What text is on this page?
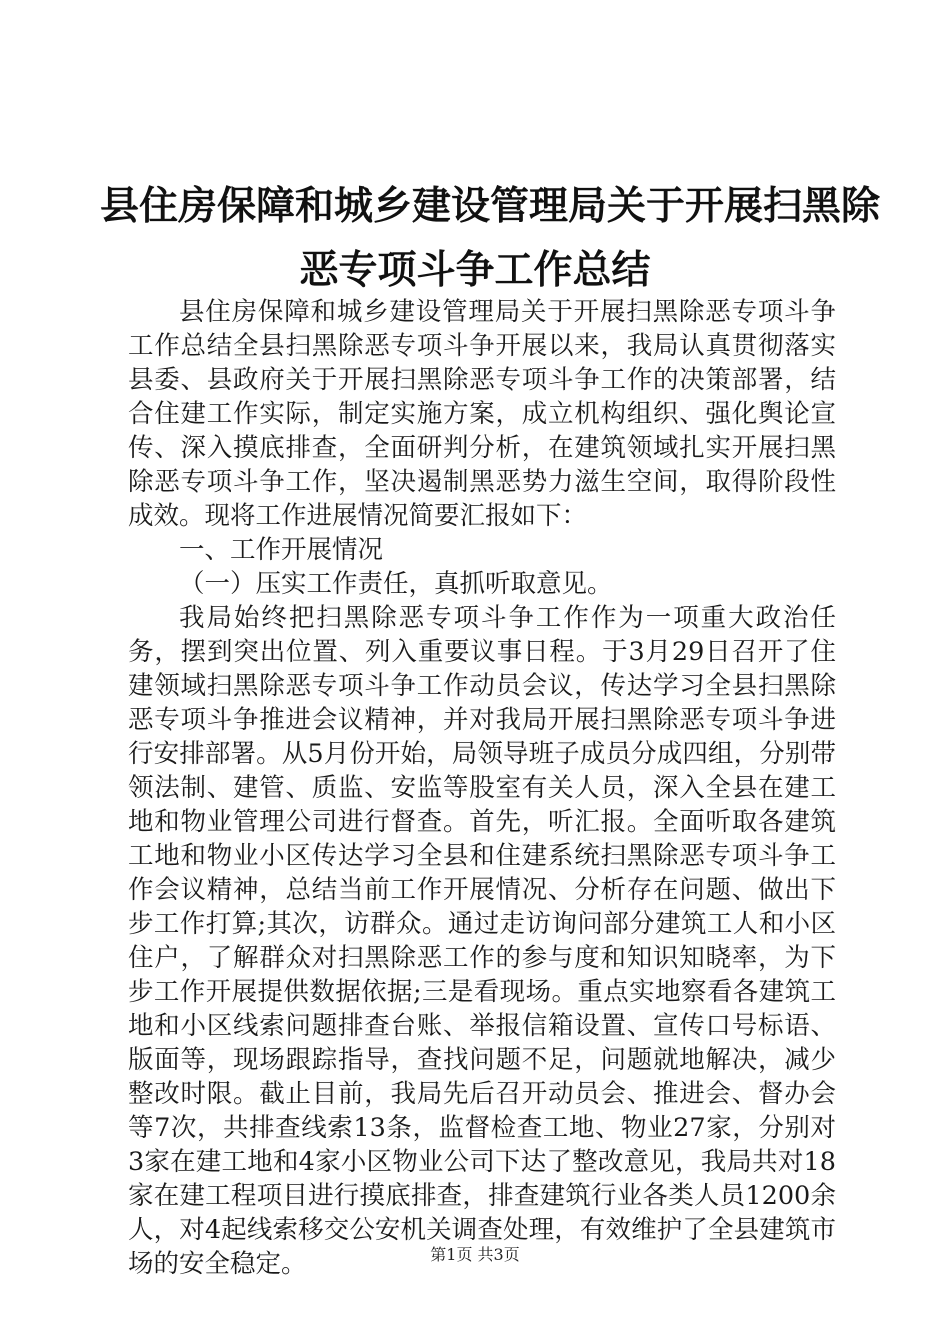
县住房保障和城乡建设管理局关于开展扫黑除
恶专项斗争工作总结

县住房保障和城乡建设管理局关于开展扫黑除恶专项斗争工作总结全县扫黑除恶专项斗争开展以来，我局认真贯彻落实县委、县政府关于开展扫黑除恶专项斗争工作的决策部署，结合住建工作实际，制定实施方案，成立机构组织、强化舆论宣传、深入摸底排查，全面研判分析，在建筑领域扎实开展扫黑除恶专项斗争工作，坚决遏制黑恶势力滋生空间，取得阶段性成效。现将工作进展情况简要汇报如下：

一、工作开展情况

（一）压实工作责任，真抓听取意见。

我局始终把扫黑除恶专项斗争工作作为一项重大政治任务，摆到突出位置、列入重要议事日程。于3月29日召开了住建领域扫黑除恶专项斗争工作动员会议，传达学习全县扫黑除恶专项斗争推进会议精神，并对我局开展扫黑除恶专项斗争进行安排部署。从5月份开始，局领导班子成员分成四组，分别带领法制、建管、质监、安监等股室有关人员，深入全县在建工地和物业管理公司进行督查。首先，听汇报。全面听取各建筑工地和物业小区传达学习全县和住建系统扫黑除恶专项斗争工作会议精神，总结当前工作开展情况、分析存在问题、做出下步工作打算;其次，访群众。通过走访询问部分建筑工人和小区住户，了解群众对扫黑除恶工作的参与度和知识知晓率，为下步工作开展提供数据依据;三是看现场。重点实地察看各建筑工地和小区线索问题排查台账、举报信箱设置、宣传口号标语、版面等，现场跟踪指导，查找问题不足，问题就地解决，减少整改时限。截止目前，我局先后召开动员会、推进会、督办会等7次，共排查线索13条，监督检查工地、物业27家，分别对3家在建工地和4家小区物业公司下达了整改意见，我局共对18家在建工程项目进行摸底排查，排查建筑行业各类人员1200余人，对4起线索移交公安机关调查处理，有效维护了全县建筑市场的安全稳定。	第1页 共3页
